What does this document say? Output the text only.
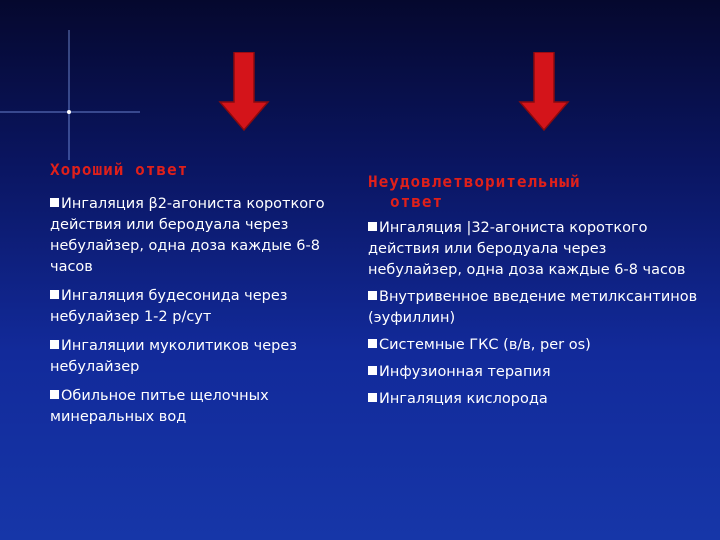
Хороший ответ
Ингаляция β2-агониста короткого действия или беродуала через небулайзер, одна доза каждые 6-8 часов
Ингаляция будесонида через небулайзер 1-2 р/сут
Ингаляции муколитиков через небулайзер
Обильное питье щелочных минеральных вод
Неудовлетворительный
ответ
Ингаляция |32-агониста короткого действия или беродуала через небулайзер, одна доза каждые 6-8 часов
Внутривенное введение метилксантинов (эуфиллин)
Системные ГКС (в/в, per os)
Инфузионная терапия
Ингаляция кислорода
